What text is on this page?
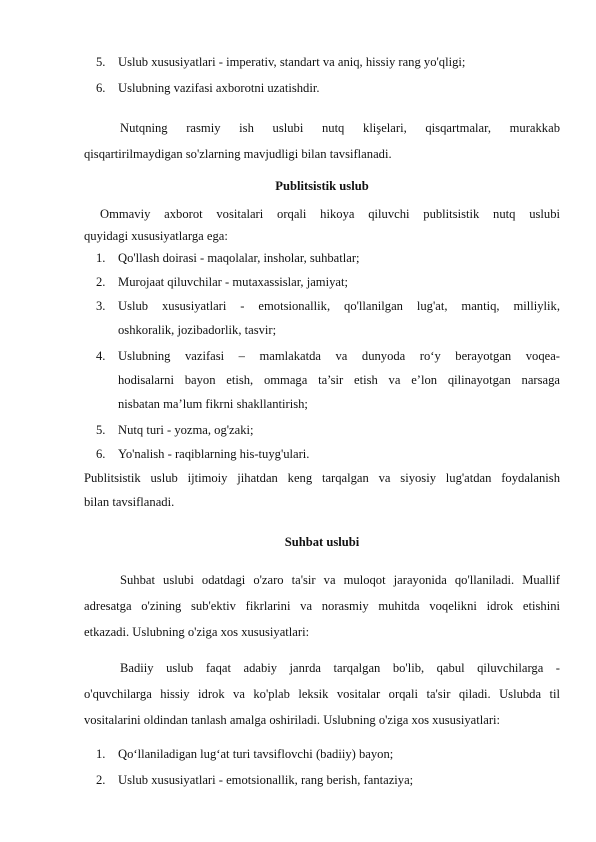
5. Uslub xususiyatlari - imperativ, standart va aniq, hissiy rang yo'qligi;
6. Uslubning vazifasi axborotni uzatishdir.
Nutqning rasmiy ish uslubi nutq klişelari, qisqartmalar, murakkab
qisqartirilmaydigan so'zlarning mavjudligi bilan tavsiflanadi.
Publitsistik uslub
Ommaviy axborot vositalari orqali hikoya qiluvchi publitsistik nutq uslubi
quyidagi xususiyatlarga ega:
1. Qo'llash doirasi - maqolalar, insholar, suhbatlar;
2. Murojaat qiluvchilar - mutaxassislar, jamiyat;
3. Uslub xususiyatlari - emotsionallik, qo'llanilgan lug'at, mantiq, milliylik,
oshkoralik, jozibadorlik, tasvir;
4. Uslubning vazifasi – mamlakatda va dunyoda ro‘y berayotgan voqea-
hodisalarni bayon etish, ommaga ta’sir etish va e’lon qilinayotgan narsaga
nisbatan ma’lum fikrni shakllantirish;
5. Nutq turi - yozma, og'zaki;
6. Yo'nalish - raqiblarning his-tuyg'ulari.
Publitsistik uslub ijtimoiy jihatdan keng tarqalgan va siyosiy lug'atdan foydalanish
bilan tavsiflanadi.
Suhbat uslubi
Suhbat uslubi odatdagi o'zaro ta'sir va muloqot jarayonida qo'llaniladi. Muallif
adresatga o'zining sub'ektiv fikrlarini va norasmiy muhitda voqelikni idrok etishini
etkazadi. Uslubning o'ziga xos xususiyatlari:
Badiiy uslub faqat adabiy janrda tarqalgan bo'lib, qabul qiluvchilarga -
o'quvchilarga hissiy idrok va ko'plab leksik vositalar orqali ta'sir qiladi. Uslubda til
vositalarini oldindan tanlash amalga oshiriladi. Uslubning o'ziga xos xususiyatlari:
1. Qo‘llaniladigan lug‘at turi tavsiflovchi (badiiy) bayon;
2. Uslub xususiyatlari - emotsionallik, rang berish, fantaziya;
